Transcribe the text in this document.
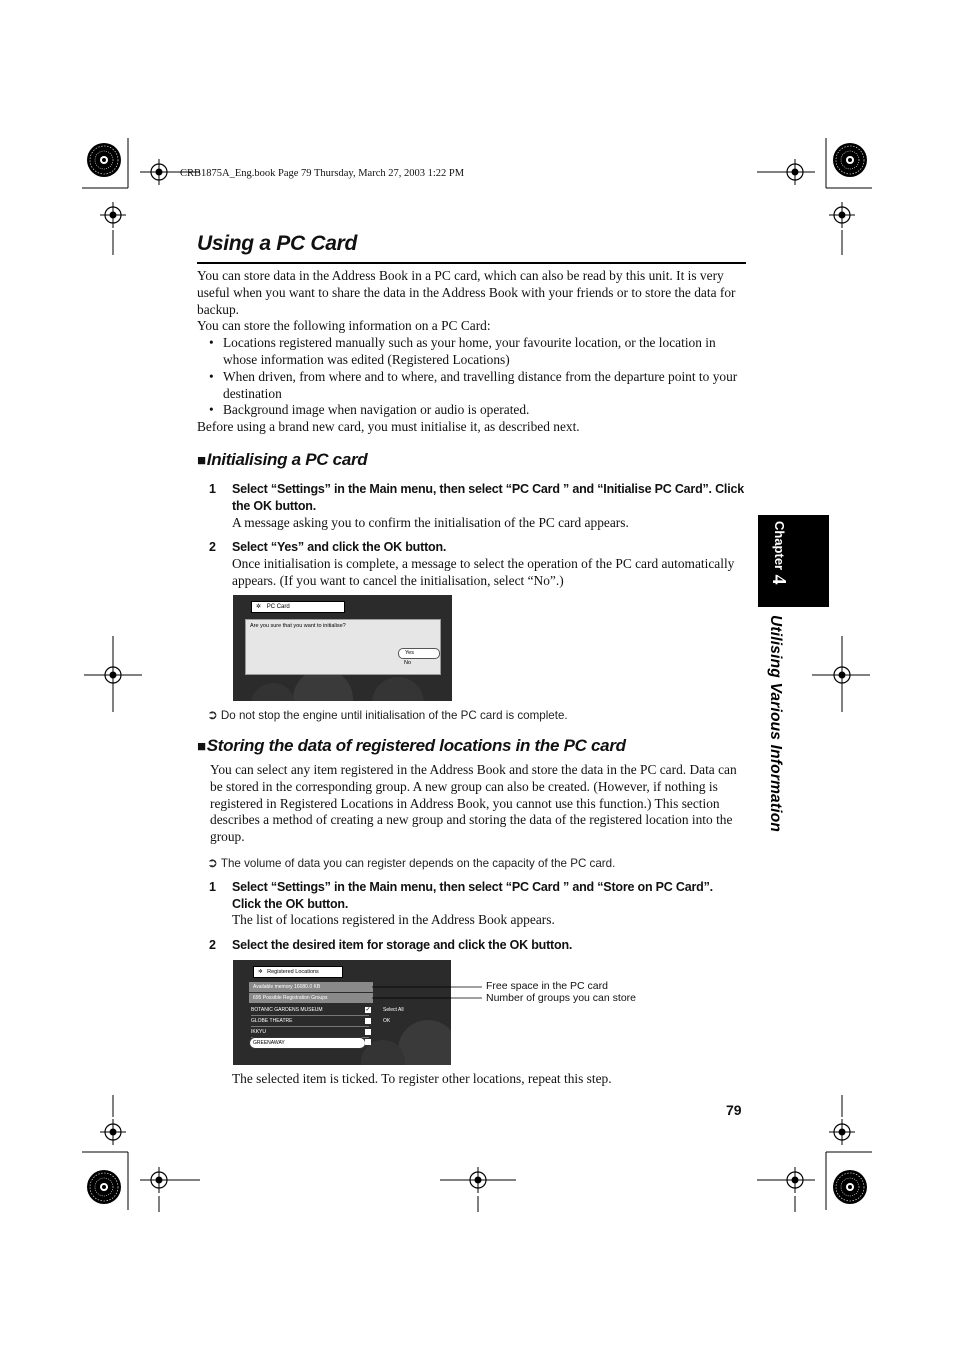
CRB1875A_Eng.book Page 79 Thursday, March 27, 2003 1:22 PM
Using a PC Card
You can store data in the Address Book in a PC card, which can also be read by this unit. It is very useful when you want to share the data in the Address Book with your friends or to store the data for backup.
You can store the following information on a PC Card:
• Locations registered manually such as your home, your favourite location, or the location in whose information was edited (Registered Locations)
• When driven, from where and to where, and travelling distance from the departure point to your destination
• Background image when navigation or audio is operated.
Before using a brand new card, you must initialise it, as described next.
■Initialising a PC card
1 Select “Settings” in the Main menu, then select “PC Card ” and “Initialise PC Card”. Click the OK button.
A message asking you to confirm the initialisation of the PC card appears.
2 Select “Yes” and click the OK button.
Once initialisation is complete, a message to select the operation of the PC card automatically appears. (If you want to cancel the initialisation, select “No”.)
✲ PC Card
Are you sure that you want to initialise?
Yes
No
➲ Do not stop the engine until initialisation of the PC card is complete.
■Storing the data of registered locations in the PC card
You can select any item registered in the Address Book and store the data in the PC card. Data can be stored in the corresponding group. A new group can also be created. (However, if nothing is registered in Registered Locations in Address Book, you cannot use this function.) This section describes a method of creating a new group and storing the data of the registered location into the group.
➲ The volume of data you can register depends on the capacity of the PC card.
1 Select “Settings” in the Main menu, then select “PC Card ” and “Store on PC Card”. Click the OK button.
The list of locations registered in the Address Book appears.
2 Select the desired item for storage and click the OK button.
✲ Registered Locations
Available memory 16080.0 KB
695 Possible Registration Groups
BOTANIC GARDENS MUSEUM	✓
GLOBE THEATRE
IKKYU
GREENAWAY
Select All
OK
Free space in the PC card
Number of groups you can store
The selected item is ticked. To register other locations, repeat this step.
79
Chapter 4
Utilising Various Information
